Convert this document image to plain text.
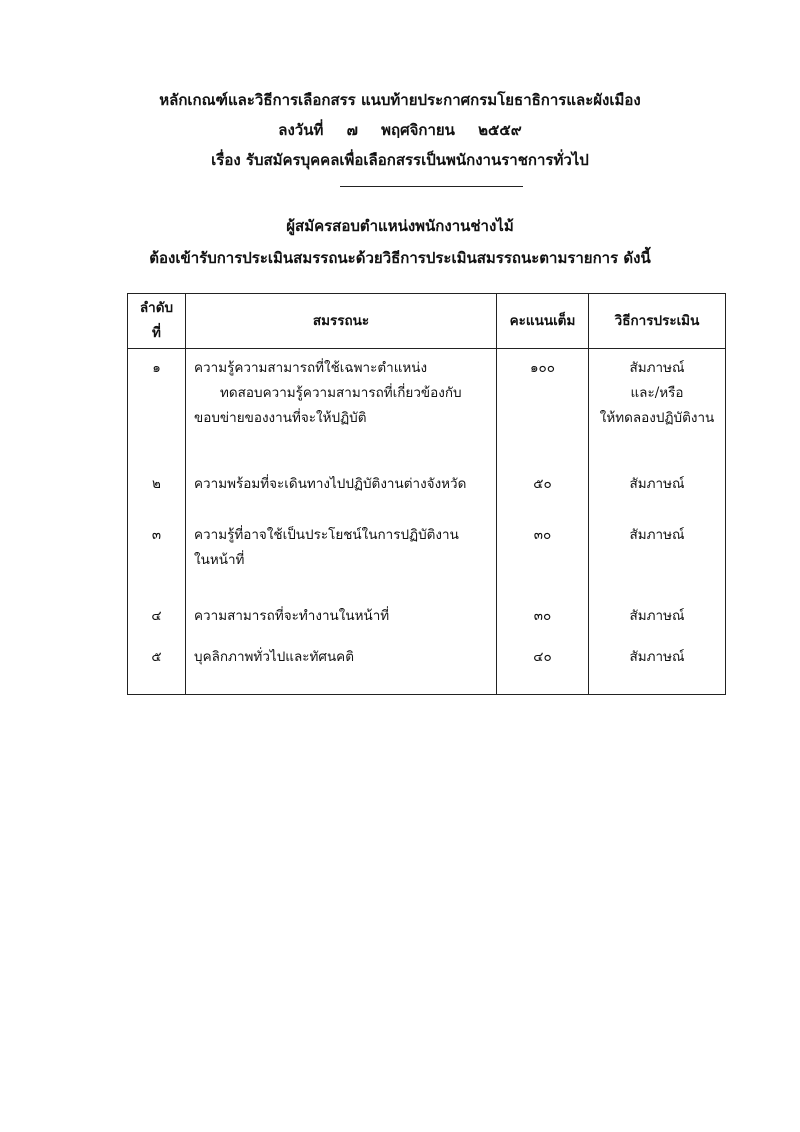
หลักเกณฑ์และวิธีการเลือกสรร แนบท้ายประกาศกรมโยธาธิการและผังเมือง
ลงวันที่ ๗ พฤศจิกายน ๒๕๕๙
เรื่อง รับสมัครบุคคลเพื่อเลือกสรรเป็นพนักงานราชการทั่วไป
ผู้สมัครสอบตำแหน่งพนักงานช่างไม้
ต้องเข้ารับการประเมินสมรรถนะด้วยวิธีการประเมินสมรรถนะตามรายการ ดังนี้
ลำดับ
ที่	สมรรถนะ	คะแนนเต็ม	วิธีการประเมิน
๑	ความรู้ความสามารถที่ใช้เฉพาะตำแหน่ง
ทดสอบความรู้ความสามารถที่เกี่ยวข้องกับ
ขอบข่ายของงานที่จะให้ปฏิบัติ	๑๐๐	สัมภาษณ์
และ/หรือ
ให้ทดลองปฏิบัติงาน

๒	ความพร้อมที่จะเดินทางไปปฏิบัติงานต่างจังหวัด	๕๐	สัมภาษณ์
๓	ความรู้ที่อาจใช้เป็นประโยชน์ในการปฏิบัติงาน
ในหน้าที่	๓๐	สัมภาษณ์
๔	ความสามารถที่จะทำงานในหน้าที่	๓๐	สัมภาษณ์
๕	บุคลิกภาพทั่วไปและทัศนคติ	๔๐	สัมภาษณ์
